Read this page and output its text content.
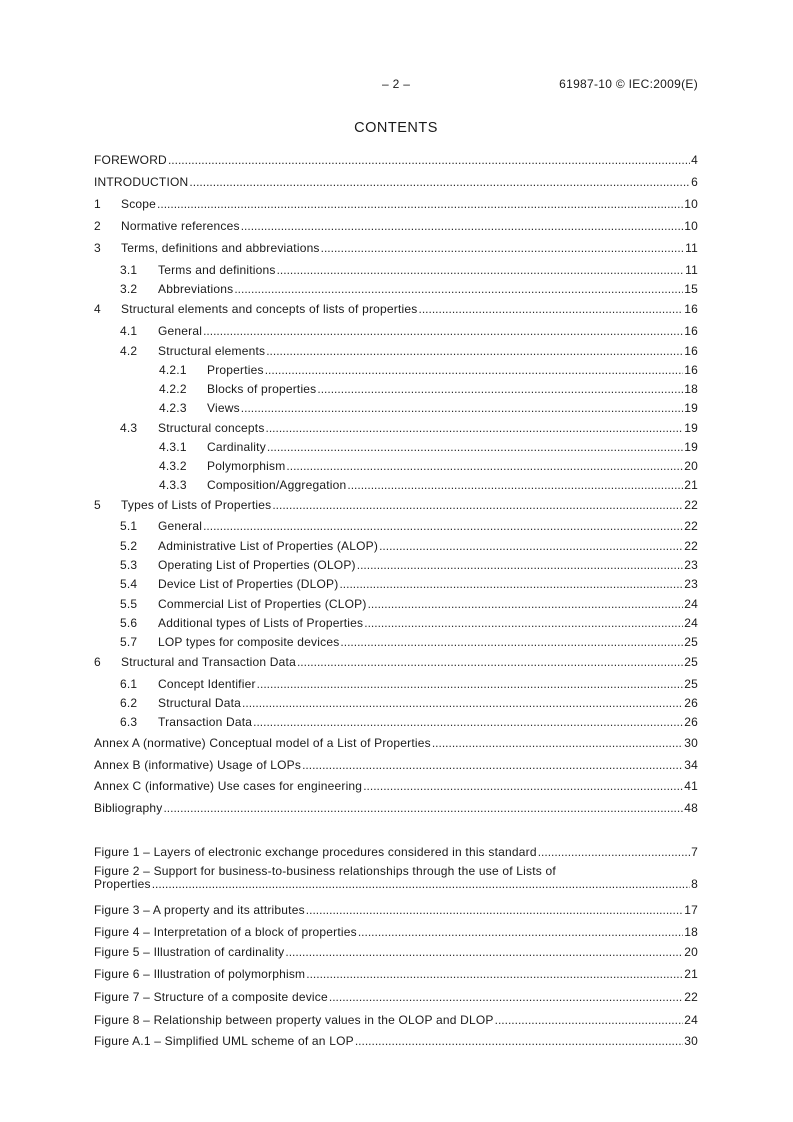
– 2 –	61987-10 © IEC:2009(E)
CONTENTS
FOREWORD .....	4
INTRODUCTION .....	6
1	Scope .....	10
2	Normative references .....	10
3	Terms, definitions and abbreviations .....	11
3.1	Terms and definitions .....	11
3.2	Abbreviations .....	15
4	Structural elements and concepts of lists of properties .....	16
4.1	General .....	16
4.2	Structural elements .....	16
4.2.1	Properties .....	16
4.2.2	Blocks of properties .....	18
4.2.3	Views .....	19
4.3	Structural concepts .....	19
4.3.1	Cardinality .....	19
4.3.2	Polymorphism .....	20
4.3.3	Composition/Aggregation .....	21
5	Types of Lists of Properties .....	22
5.1	General .....	22
5.2	Administrative List of Properties (ALOP) .....	22
5.3	Operating List of Properties (OLOP) .....	23
5.4	Device List of Properties (DLOP) .....	23
5.5	Commercial List of Properties (CLOP) .....	24
5.6	Additional types of Lists of Properties .....	24
5.7	LOP types for composite devices .....	25
6	Structural and Transaction Data .....	25
6.1	Concept Identifier .....	25
6.2	Structural Data .....	26
6.3	Transaction Data .....	26
Annex A (normative) Conceptual model of a List of Properties .....	30
Annex B (informative) Usage of LOPs .....	34
Annex C (informative) Use cases for engineering .....	41
Bibliography .....	48
Figure 1 – Layers of electronic exchange procedures considered in this standard .....	7
Figure 2 – Support for business-to-business relationships through the use of Lists of
Properties .....	8
Figure 3 – A property and its attributes .....	17
Figure 4 – Interpretation of a block of properties .....	18
Figure 5 – Illustration of cardinality .....	20
Figure 6 – Illustration of polymorphism .....	21
Figure 7 – Structure of a composite device .....	22
Figure 8 – Relationship between property values in the OLOP and DLOP .....	24
Figure A.1 – Simplified UML scheme of an LOP .....	30
